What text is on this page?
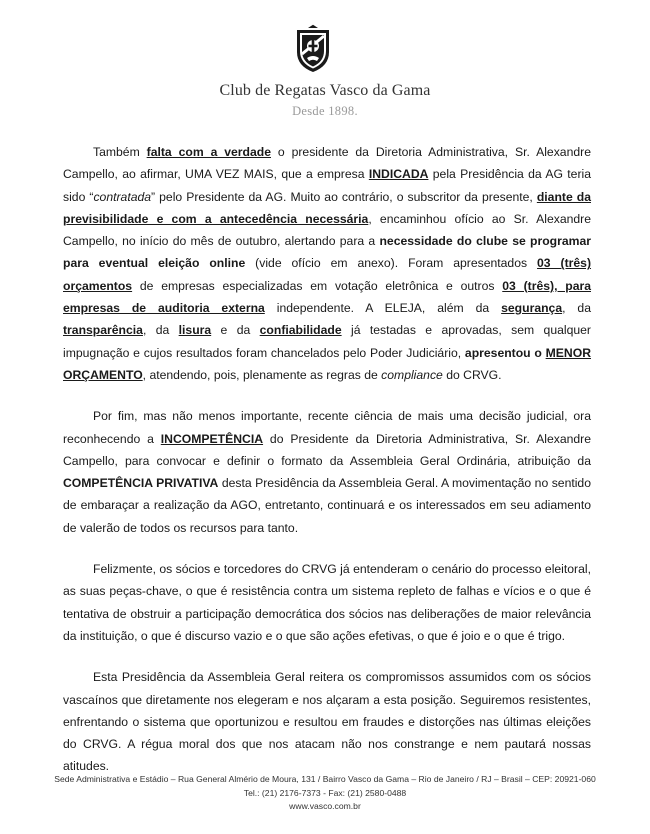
Club de Regatas Vasco da Gama
Desde 1898.

Também falta com a verdade o presidente da Diretoria Administrativa, Sr. Alexandre Campello, ao afirmar, UMA VEZ MAIS, que a empresa INDICADA pela Presidência da AG teria sido “contratada” pelo Presidente da AG. Muito ao contrário, o subscritor da presente, diante da previsibilidade e com a antecedência necessária, encaminhou ofício ao Sr. Alexandre Campello, no início do mês de outubro, alertando para a necessidade do clube se programar para eventual eleição online (vide ofício em anexo). Foram apresentados 03 (três) orçamentos de empresas especializadas em votação eletrônica e outros 03 (três), para empresas de auditoria externa independente. A ELEJA, além da segurança, da transparência, da lisura e da confiabilidade já testadas e aprovadas, sem qualquer impugnação e cujos resultados foram chancelados pelo Poder Judiciário, apresentou o MENOR ORÇAMENTO, atendendo, pois, plenamente as regras de compliance do CRVG.

Por fim, mas não menos importante, recente ciência de mais uma decisão judicial, ora reconhecendo a INCOMPETÊNCIA do Presidente da Diretoria Administrativa, Sr. Alexandre Campello, para convocar e definir o formato da Assembleia Geral Ordinária, atribuição da COMPETÊNCIA PRIVATIVA desta Presidência da Assembleia Geral. A movimentação no sentido de embaraçar a realização da AGO, entretanto, continuará e os interessados em seu adiamento de valerão de todos os recursos para tanto.

Felizmente, os sócios e torcedores do CRVG já entenderam o cenário do processo eleitoral, as suas peças-chave, o que é resistência contra um sistema repleto de falhas e vícios e o que é tentativa de obstruir a participação democrática dos sócios nas deliberações de maior relevância da instituição, o que é discurso vazio e o que são ações efetivas, o que é joio e o que é trigo.

Esta Presidência da Assembleia Geral reitera os compromissos assumidos com os sócios vascaínos que diretamente nos elegeram e nos alçaram a esta posição. Seguiremos resistentes, enfrentando o sistema que oportunizou e resultou em fraudes e distorções nas últimas eleições do CRVG. A régua moral dos que nos atacam não nos constrange e nem pautará nossas atitudes.

Sede Administrativa e Estádio – Rua General Almério de Moura, 131 / Bairro Vasco da Gama – Rio de Janeiro / RJ – Brasil – CEP: 20921-060
Tel.: (21) 2176-7373 - Fax: (21) 2580-0488
www.vasco.com.br
